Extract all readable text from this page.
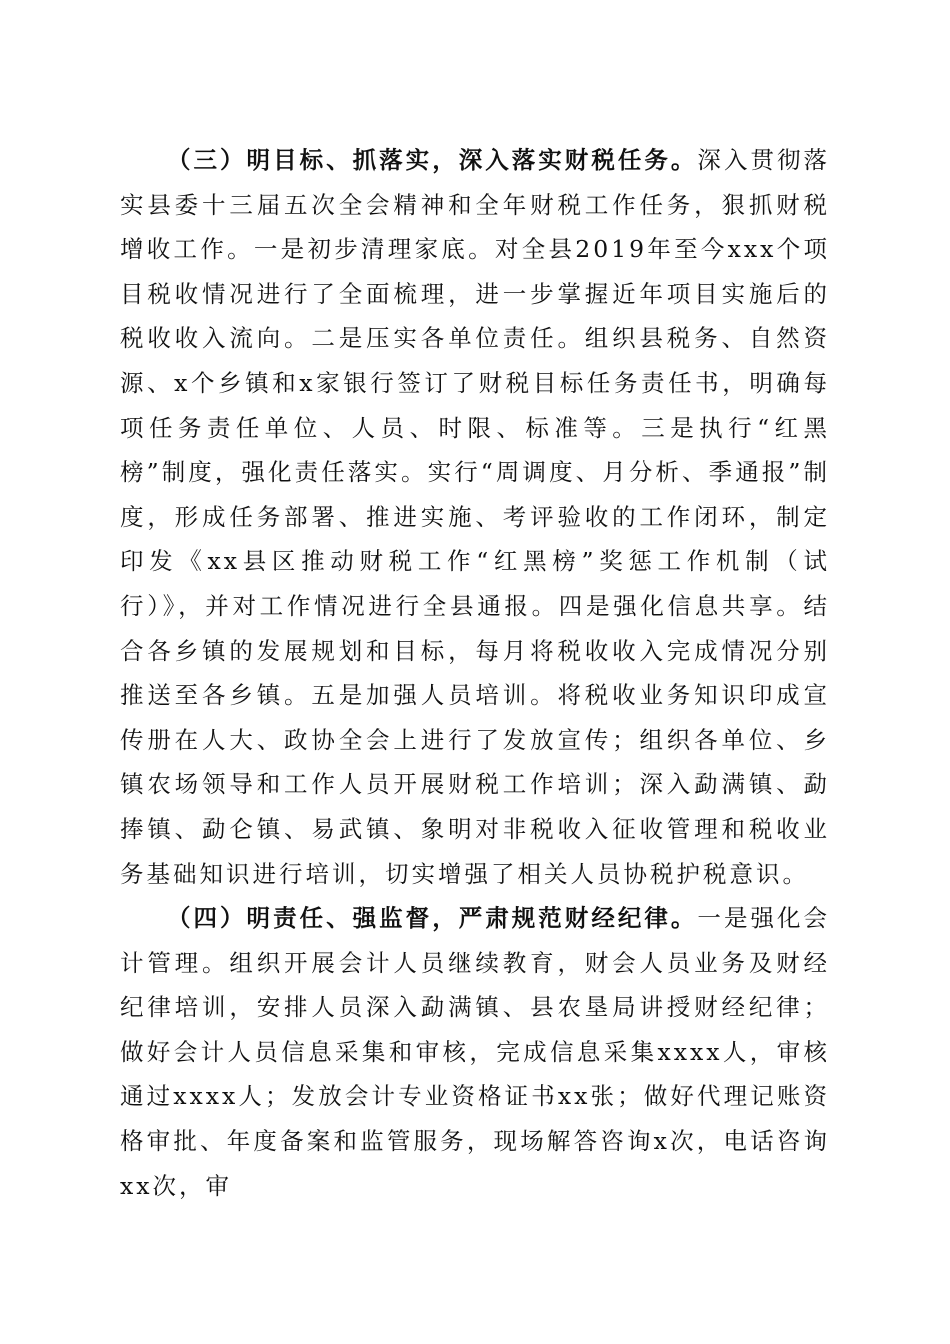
（三）明目标、抓落实，深入落实财税任务。深入贯彻落实县委十三届五次全会精神和全年财税工作任务，狠抓财税增收工作。一是初步清理家底。对全县2019年至今xxx个项目税收情况进行了全面梳理，进一步掌握近年项目实施后的税收收入流向。二是压实各单位责任。组织县税务、自然资源、x个乡镇和x家银行签订了财税目标任务责任书，明确每项任务责任单位、人员、时限、标准等。三是执行“红黑榜”制度，强化责任落实。实行“周调度、月分析、季通报”制度，形成任务部署、推进实施、考评验收的工作闭环，制定印发《xx县区推动财税工作“红黑榜”奖惩工作机制（试行）》，并对工作情况进行全县通报。四是强化信息共享。结合各乡镇的发展规划和目标，每月将税收收入完成情况分别推送至各乡镇。五是加强人员培训。将税收业务知识印成宣传册在人大、政协全会上进行了发放宣传；组织各单位、乡镇农场领导和工作人员开展财税工作培训；深入勐满镇、勐捧镇、勐仑镇、易武镇、象明对非税收入征收管理和税收业务基础知识进行培训，切实增强了相关人员协税护税意识。

（四）明责任、强监督，严肃规范财经纪律。一是强化会计管理。组织开展会计人员继续教育，财会人员业务及财经纪律培训，安排人员深入勐满镇、县农垦局讲授财经纪律；做好会计人员信息采集和审核，完成信息采集xxxx人，审核通过xxxx人；发放会计专业资格证书xx张；做好代理记账资格审批、年度备案和监管服务，现场解答咨询x次，电话咨询xx次，审
